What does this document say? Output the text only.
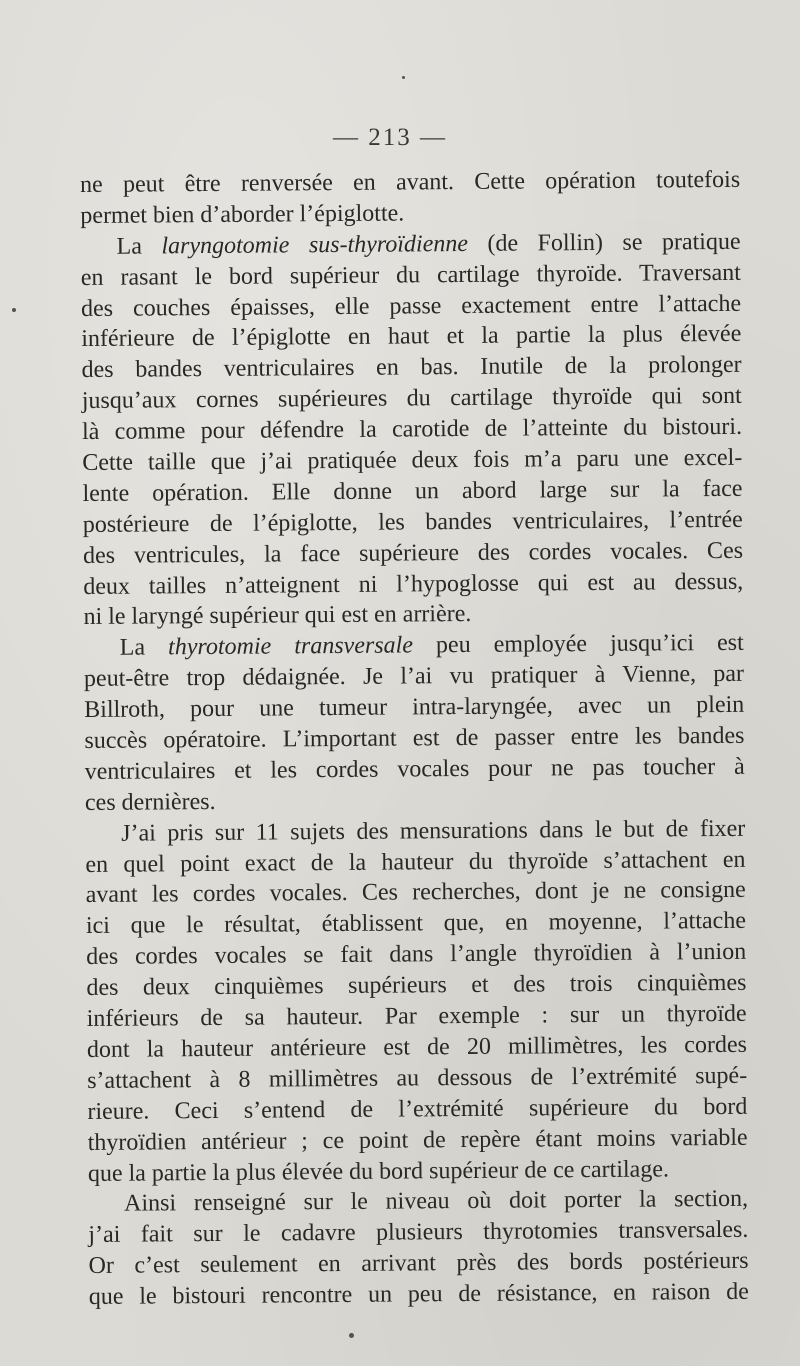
— 213 —
ne peut être renversée en avant. Cette opération toutefois
permet bien d’aborder l’épiglotte.
La laryngotomie sus-thyroïdienne (de Follin) se pratique
en rasant le bord supérieur du cartilage thyroïde. Traversant
des couches épaisses, elle passe exactement entre l’attache
inférieure de l’épiglotte en haut et la partie la plus élevée
des bandes ventriculaires en bas. Inutile de la prolonger
jusqu’aux cornes supérieures du cartilage thyroïde qui sont
là comme pour défendre la carotide de l’atteinte du bistouri.
Cette taille que j’ai pratiquée deux fois m’a paru une excel-
lente opération. Elle donne un abord large sur la face
postérieure de l’épiglotte, les bandes ventriculaires, l’entrée
des ventricules, la face supérieure des cordes vocales. Ces
deux tailles n’atteignent ni l’hypoglosse qui est au dessus,
ni le laryngé supérieur qui est en arrière.
La thyrotomie transversale peu employée jusqu’ici est
peut-être trop dédaignée. Je l’ai vu pratiquer à Vienne, par
Billroth, pour une tumeur intra-laryngée, avec un plein
succès opératoire. L’important est de passer entre les bandes
ventriculaires et les cordes vocales pour ne pas toucher à
ces dernières.
J’ai pris sur 11 sujets des mensurations dans le but de fixer
en quel point exact de la hauteur du thyroïde s’attachent en
avant les cordes vocales. Ces recherches, dont je ne consigne
ici que le résultat, établissent que, en moyenne, l’attache
des cordes vocales se fait dans l’angle thyroïdien à l’union
des deux cinquièmes supérieurs et des trois cinquièmes
inférieurs de sa hauteur. Par exemple : sur un thyroïde
dont la hauteur antérieure est de 20 millimètres, les cordes
s’attachent à 8 millimètres au dessous de l’extrémité supé-
rieure. Ceci s’entend de l’extrémité supérieure du bord
thyroïdien antérieur ; ce point de repère étant moins variable
que la partie la plus élevée du bord supérieur de ce cartilage.
Ainsi renseigné sur le niveau où doit porter la section,
j’ai fait sur le cadavre plusieurs thyrotomies transversales.
Or c’est seulement en arrivant près des bords postérieurs
que le bistouri rencontre un peu de résistance, en raison de
